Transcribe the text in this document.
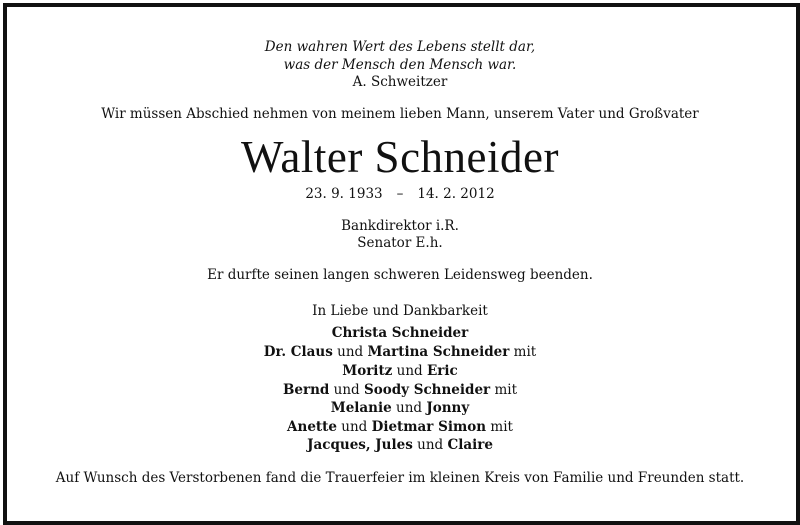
Den wahren Wert des Lebens stellt dar,
was der Mensch den Mensch war.
A. Schweitzer
Wir müssen Abschied nehmen von meinem lieben Mann, unserem Vater und Großvater
Walter Schneider
23. 9. 1933 – 14. 2. 2012
Bankdirektor i.R.
Senator E.h.
Er durfte seinen langen schweren Leidensweg beenden.
In Liebe und Dankbarkeit
Christa Schneider
Dr. Claus und Martina Schneider mit
Moritz und Eric
Bernd und Soody Schneider mit
Melanie und Jonny
Anette und Dietmar Simon mit
Jacques, Jules und Claire
Auf Wunsch des Verstorbenen fand die Trauerfeier im kleinen Kreis von Familie und Freunden statt.
